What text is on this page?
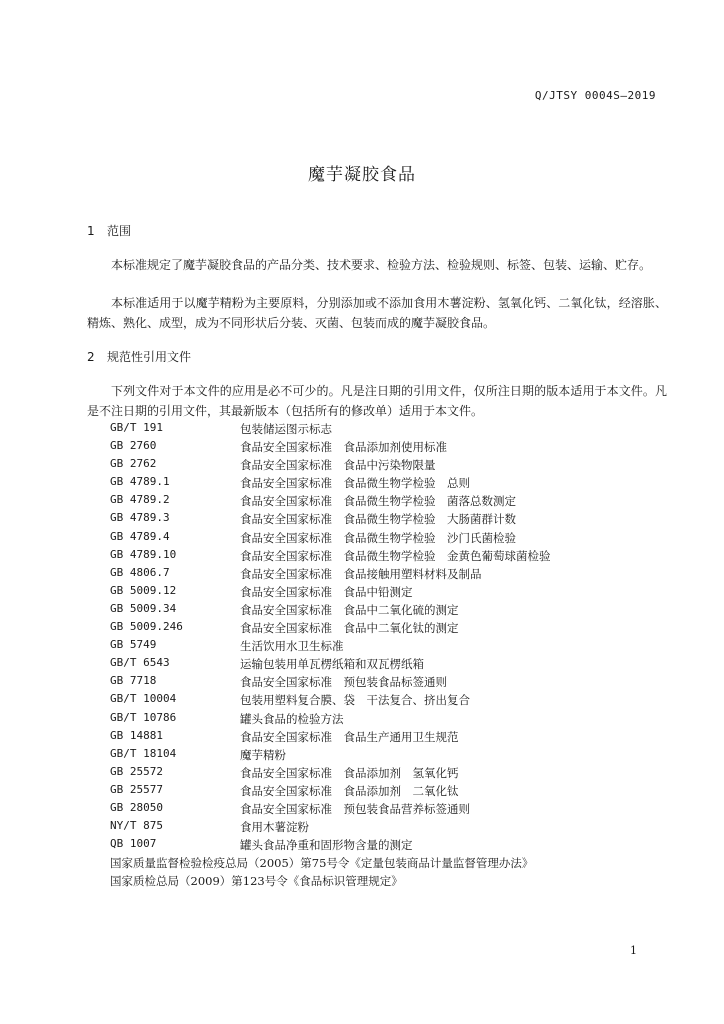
Q/JTSY 0004S—2019
魔芋凝胶食品
1 范围
本标准规定了魔芋凝胶食品的产品分类、技术要求、检验方法、检验规则、标签、包装、运输、贮存。
本标准适用于以魔芋精粉为主要原料，分别添加或不添加食用木薯淀粉、氢氧化钙、二氧化钛，经溶胀、精炼、熟化、成型，成为不同形状后分装、灭菌、包装而成的魔芋凝胶食品。
2 规范性引用文件
下列文件对于本文件的应用是必不可少的。凡是注日期的引用文件，仅所注日期的版本适用于本文件。凡是不注日期的引用文件，其最新版本（包括所有的修改单）适用于本文件。
GB/T 191	包装储运图示标志
GB 2760	食品安全国家标准　食品添加剂使用标准
GB 2762	食品安全国家标准　食品中污染物限量
GB 4789.1	食品安全国家标准　食品微生物学检验　总则
GB 4789.2	食品安全国家标准　食品微生物学检验　菌落总数测定
GB 4789.3	食品安全国家标准　食品微生物学检验　大肠菌群计数
GB 4789.4	食品安全国家标准　食品微生物学检验　沙门氏菌检验
GB 4789.10	食品安全国家标准　食品微生物学检验　金黄色葡萄球菌检验
GB 4806.7	食品安全国家标准　食品接触用塑料材料及制品
GB 5009.12	食品安全国家标准　食品中铅测定
GB 5009.34	食品安全国家标准　食品中二氧化硫的测定
GB 5009.246	食品安全国家标准　食品中二氧化钛的测定
GB 5749	生活饮用水卫生标准
GB/T 6543	运输包装用单瓦楞纸箱和双瓦楞纸箱
GB 7718	食品安全国家标准　预包装食品标签通则
GB/T 10004	包装用塑料复合膜、袋　干法复合、挤出复合
GB/T 10786	罐头食品的检验方法
GB 14881	食品安全国家标准　食品生产通用卫生规范
GB/T 18104	魔芋精粉
GB 25572	食品安全国家标准　食品添加剂　氢氧化钙
GB 25577	食品安全国家标准　食品添加剂　二氧化钛
GB 28050	食品安全国家标准　预包装食品营养标签通则
NY/T 875	食用木薯淀粉
QB 1007	罐头食品净重和固形物含量的测定
国家质量监督检验检疫总局（2005）第75号令《定量包装商品计量监督管理办法》
国家质检总局（2009）第123号令《食品标识管理规定》
1
